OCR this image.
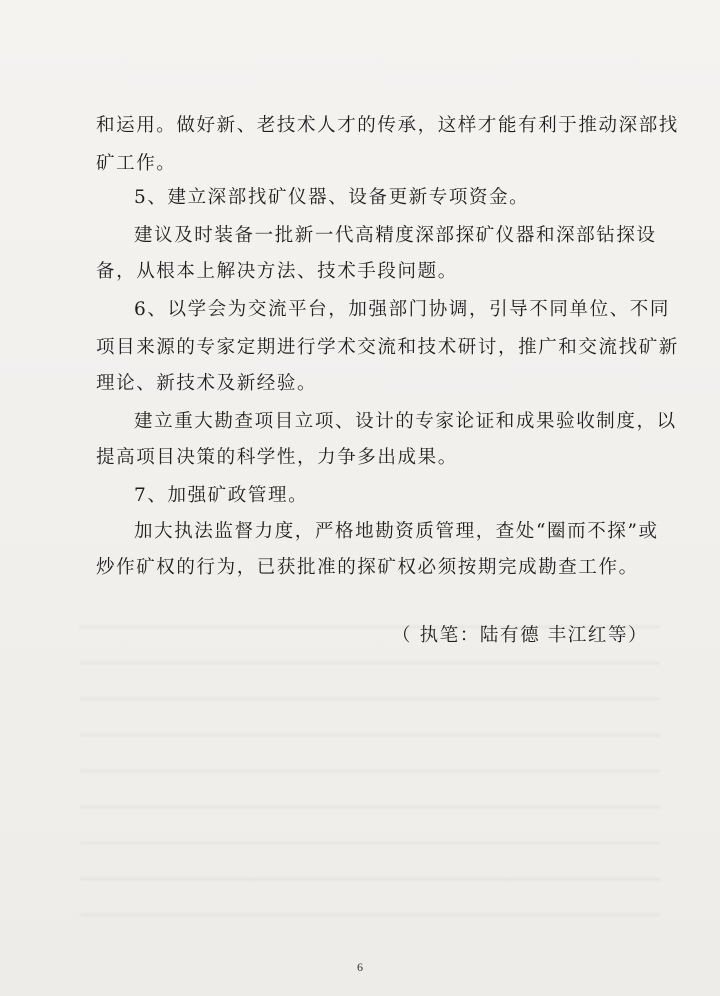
和运用。做好新、老技术人才的传承，这样才能有利于推动深部找
矿工作。
5、建立深部找矿仪器、设备更新专项资金。
建议及时装备一批新一代高精度深部探矿仪器和深部钻探设
备，从根本上解决方法、技术手段问题。
6、以学会为交流平台，加强部门协调，引导不同单位、不同
项目来源的专家定期进行学术交流和技术研讨，推广和交流找矿新
理论、新技术及新经验。
建立重大勘查项目立项、设计的专家论证和成果验收制度，以
提高项目决策的科学性，力争多出成果。
7、加强矿政管理。
加大执法监督力度，严格地勘资质管理，查处“圈而不探”或
炒作矿权的行为，已获批准的探矿权必须按期完成勘查工作。
（ 执笔：陆有德 丰江红等）
6
